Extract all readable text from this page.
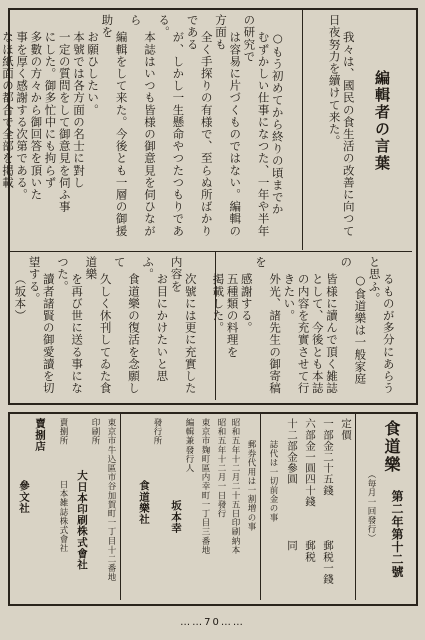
編輯者の言葉

我々は、國民の食生活の改善に向つて日夜努力を續けて来た。

○もう初めてから終りの頃までか
むずかしい仕事になつた、一年や半年の研究で
は容易に片づくものではない。編輯の方面も
全く手探りの有様で、至らぬ所ばかりである
が、しかし一生懸命やつたつもりである。
本誌はいつも皆様の御意見を伺ひながら
編輯をして来た。今後とも一層の御援助を
お願ひしたい。
本號では各方面の名士に對し
一定の質問をして御意見を伺ふ事
にした。御多忙中にも拘らず
多數の方々から御回答を頂いた
事を厚く感謝する次第である。
なほ紙面の都合で全部を掲載

るものが多分にあらうと思ふ。
○食道樂は一般家庭の
皆様に讀んで頂く雑誌
として、今後とも本誌
の内容を充實させて行
きたい。
外光、諸先生の御寄稿を
感謝する。
五種類の料理を
掲載した。

次號には更に充實した内容を
お目にかけたいと思ふ。
食道樂の復活を念願して
久しく休刊してゐた食道樂
を再び世に送る事になつた。
讀者諸賢の御愛讀を切望する。
（坂本）

食道樂
第二年第十二號
（毎月一回發行）
定價
一部金二十五錢
郵税一錢
六部金一圓四十錢
郵税
十二部金參圓
同
誌代は一切前金の事
郵券代用は一割増の事
昭和五年十二月二十五日印刷納本
昭和五年十二月一日發行
東京市麹町區内幸町一丁目三番地
編輯兼發行人
坂本幸
發行所
食道樂社
東京市牛込區市谷加賀町一丁目十二番地
印刷所
大日本印刷株式會社
賣捌所
日本雑誌株式會社
賣捌店
參文社
……70……
